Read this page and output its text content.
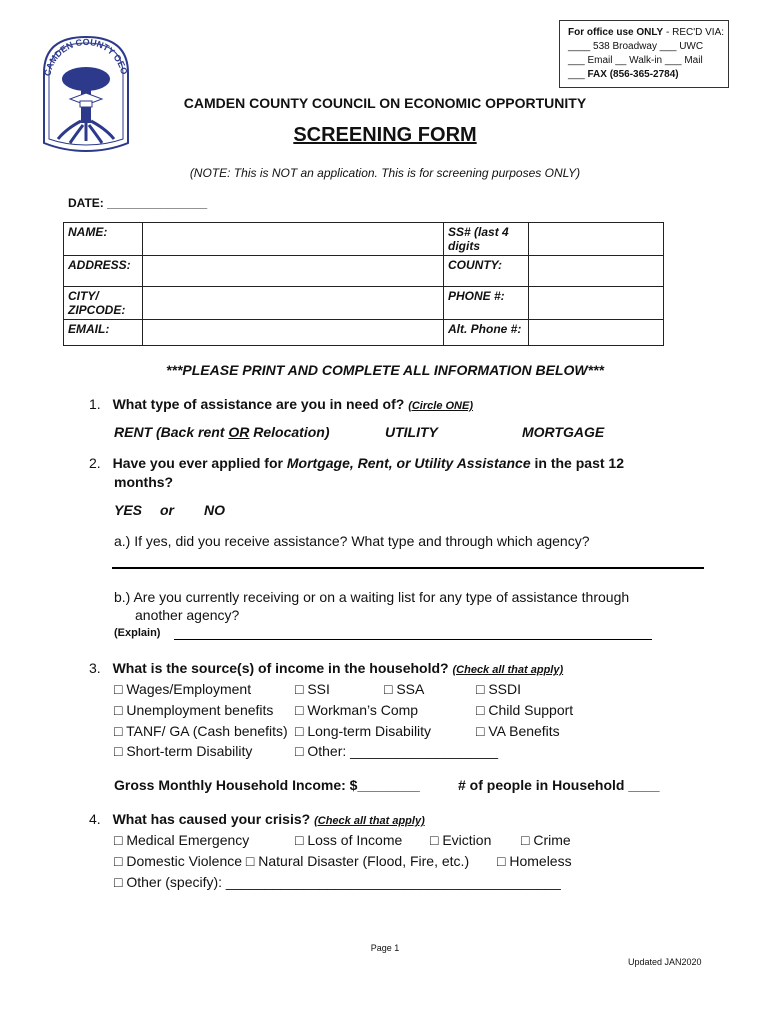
For office use ONLY - REC'D VIA:
____ 538 Broadway ___ UWC
___ Email __ Walk-in ___ Mail
___ FAX (856-365-2784)
CAMDEN COUNTY OEO
CAMDEN COUNTY COUNCIL ON ECONOMIC OPPORTUNITY
SCREENING FORM
(NOTE: This is NOT an application. This is for screening purposes ONLY)
DATE: _______________
NAME:		SS# (last 4 digits	
ADDRESS:		COUNTY:	
CITY/ ZIPCODE:		PHONE #:	
EMAIL:		Alt. Phone #:	
***PLEASE PRINT AND COMPLETE ALL INFORMATION BELOW***
1. What type of assistance are you in need of? (Circle ONE)
RENT (Back rent OR Relocation)	UTILITY	MORTGAGE
2. Have you ever applied for Mortgage, Rent, or Utility Assistance in the past 12
months?
YES or NO
a.) If yes, did you receive assistance? What type and through which agency?
b.) Are you currently receiving or on a waiting list for any type of assistance through
another agency?
(Explain)
3. What is the source(s) of income in the household? (Check all that apply)
□ Wages/Employment	□ SSI	□ SSA	□ SSDI
□ Unemployment benefits □ Workman’s Comp	□ Child Support
□ TANF/ GA (Cash benefits) □ Long-term Disability	□ VA Benefits
□ Short-term Disability	□ Other: ___________________
Gross Monthly Household Income: $________	# of people in Household ____
4. What has caused your crisis? (Check all that apply)
□ Medical Emergency	□ Loss of Income □ Eviction □ Crime
□ Domestic Violence □ Natural Disaster (Flood, Fire, etc.) □ Homeless
□ Other (specify): ___________________________________________
Page 1
Updated JAN2020
